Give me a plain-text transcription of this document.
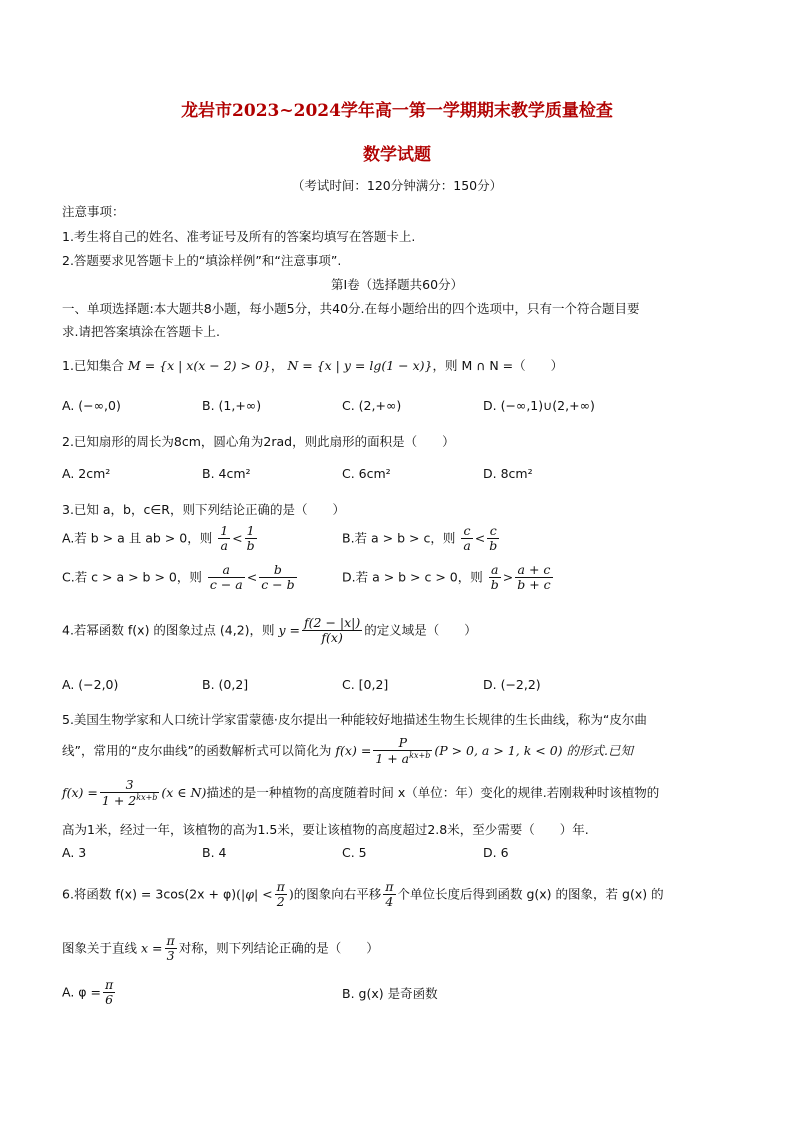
龙岩市2023~2024学年高一第一学期期末教学质量检查
数学试题
（考试时间：120分钟满分：150分）
注意事项：
1.考生将自己的姓名、准考证号及所有的答案均填写在答题卡上.
2.答题要求见答题卡上的“填涂样例”和“注意事项”.
第Ⅰ卷（选择题共60分）
一、单项选择题:本大题共8小题，每小题5分，共40分.在每小题给出的四个选项中，只有一个符合题目要
求.请把答案填涂在答题卡上.
1.已知集合 M = {x | x(x − 2) > 0}， N = {x | y = lg(1 − x)}，则 M ∩ N =（　　）
A. (−∞,0)	B. (1,+∞)	C. (2,+∞)	D. (−∞,1)∪(2,+∞)
2.已知扇形的周长为8cm，圆心角为2rad，则此扇形的面积是（　　）
A. 2cm²	B. 4cm²	C. 6cm²	D. 8cm²
3.已知 a，b，c∈R，则下列结论正确的是（　　）
A.若 b > a 且 ab > 0，则 $\frac{1}{a} < \frac{1}{b}$	B.若 a > b > c，则 $\frac{c}{a} < \frac{c}{b}$
C.若 c > a > b > 0，则 $\frac{a}{c - a} < \frac{b}{c - b}$	D.若 a > b > c > 0，则 $\frac{a}{b} > \frac{a + c}{b + c}$
4.若幂函数 f(x) 的图象过点 (4,2)，则 $y = \frac{f(2 - |x|)}{f(x)}$ 的定义域是（　　）
A. (−2,0)	B. (0,2]	C. [0,2]	D. (−2,2)
5.美国生物学家和人口统计学家雷蒙德·皮尔提出一种能较好地描述生物生长规律的生长曲线，称为“皮尔曲
线”，常用的“皮尔曲线”的函数解析式可以简化为 $f(x) = \frac{P}{1 + a^{kx+b}} (P > 0$, a > 1, k < 0) 的形式.已知
$f(x) = \frac{3}{1 + 2^{kx+b}} (x$ ∈ N)描述的是一种植物的高度随着时间 x（单位：年）变化的规律.若刚栽种时该植物的
高为1米，经过一年，该植物的高为1.5米，要让该植物的高度超过2.8米，至少需要（　　）年.
A. 3	B. 4	C. 5	D. 6
6.将函数 $f(x) = 3\cos(2x + \varphi)(|\varphi| < \frac{\pi}{2}$ )的图象向右平移 $\frac{\pi}{4}$ 个单位长度后得到函数 g(x) 的图象，若 g(x) 的
图象关于直线 $x = \frac{\pi}{3}$ 对称，则下列结论正确的是（　　）
A. $\varphi = \frac{\pi}{6}$	B. g(x) 是奇函数
